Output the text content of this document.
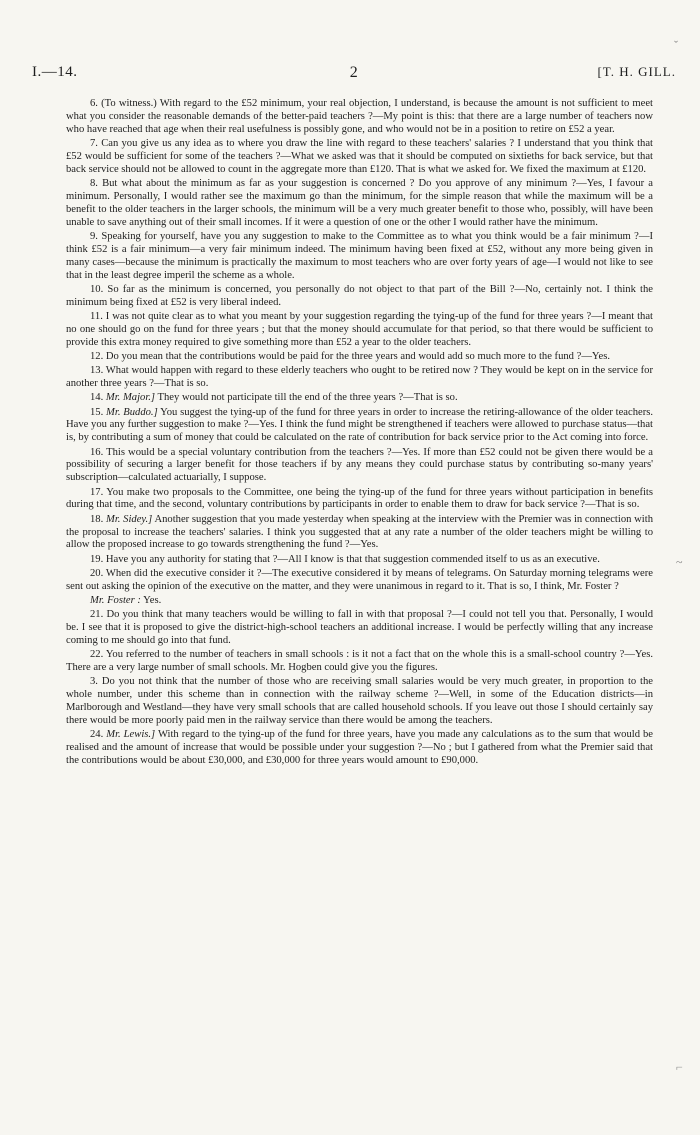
I.—14.	2	[T. H. GILL.
ˇ
~
⌐

6. (To witness.) With regard to the £52 minimum, your real objection, I understand, is because the amount is not sufficient to meet what you consider the reasonable demands of the better-paid teachers ?—My point is this: that there are a large number of teachers now who have reached that age when their real usefulness is possibly gone, and who would not be in a position to retire on £52 a year.

7. Can you give us any idea as to where you draw the line with regard to these teachers' salaries ? I understand that you think that £52 would be sufficient for some of the teachers ?—What we asked was that it should be computed on sixtieths for back service, but that back service should not be allowed to count in the aggregate more than £120. That is what we asked for. We fixed the maximum at £120.

8. But what about the minimum as far as your suggestion is concerned ? Do you approve of any minimum ?—Yes, I favour a minimum. Personally, I would rather see the maximum go than the minimum, for the simple reason that while the maximum will be a benefit to the older teachers in the larger schools, the minimum will be a very much greater benefit to those who, possibly, will have been unable to save anything out of their small incomes. If it were a question of one or the other I would rather have the minimum.

9. Speaking for yourself, have you any suggestion to make to the Committee as to what you think would be a fair minimum ?—I think £52 is a fair minimum—a very fair minimum indeed. The minimum having been fixed at £52, without any more being given in many cases—because the minimum is practically the maximum to most teachers who are over forty years of age—I would not like to see that in the least degree imperil the scheme as a whole.

10. So far as the minimum is concerned, you personally do not object to that part of the Bill ?—No, certainly not. I think the minimum being fixed at £52 is very liberal indeed.

11. I was not quite clear as to what you meant by your suggestion regarding the tying-up of the fund for three years ?—I meant that no one should go on the fund for three years ; but that the money should accumulate for that period, so that there would be sufficient to provide this extra money required to give something more than £52 a year to the older teachers.

12. Do you mean that the contributions would be paid for the three years and would add so much more to the fund ?—Yes.

13. What would happen with regard to these elderly teachers who ought to be retired now ? They would be kept on in the service for another three years ?—That is so.

14. Mr. Major.] They would not participate till the end of the three years ?—That is so.

15. Mr. Buddo.] You suggest the tying-up of the fund for three years in order to increase the retiring-allowance of the older teachers. Have you any further suggestion to make ?—Yes. I think the fund might be strengthened if teachers were allowed to purchase status—that is, by contributing a sum of money that could be calculated on the rate of contribution for back service prior to the Act coming into force.

16. This would be a special voluntary contribution from the teachers ?—Yes. If more than £52 could not be given there would be a possibility of securing a larger benefit for those teachers if by any means they could purchase status by contributing so-many years' subscription—calculated actuarially, I suppose.

17. You make two proposals to the Committee, one being the tying-up of the fund for three years without participation in benefits during that time, and the second, voluntary contributions by participants in order to enable them to draw for back service ?—That is so.

18. Mr. Sidey.] Another suggestion that you made yesterday when speaking at the interview with the Premier was in connection with the proposal to increase the teachers' salaries. I think you suggested that at any rate a number of the older teachers might be willing to allow the proposed increase to go towards strengthening the fund ?—Yes.

19. Have you any authority for stating that ?—All I know is that that suggestion commended itself to us as an executive.

20. When did the executive consider it ?—The executive considered it by means of telegrams. On Saturday morning telegrams were sent out asking the opinion of the executive on the matter, and they were unanimous in regard to it. That is so, I think, Mr. Foster ?

Mr. Foster : Yes.

21. Do you think that many teachers would be willing to fall in with that proposal ?—I could not tell you that. Personally, I would be. I see that it is proposed to give the district-high-school teachers an additional increase. I would be perfectly willing that any increase coming to me should go into that fund.

22. You referred to the number of teachers in small schools : is it not a fact that on the whole this is a small-school country ?—Yes. There are a very large number of small schools. Mr. Hogben could give you the figures.

3. Do you not think that the number of those who are receiving small salaries would be very much greater, in proportion to the whole number, under this scheme than in connection with the railway scheme ?—Well, in some of the Education districts—in Marlborough and Westland—they have very small schools that are called household schools. If you leave out those I should certainly say there would be more poorly paid men in the railway service than there would be among the teachers.

24. Mr. Lewis.] With regard to the tying-up of the fund for three years, have you made any calculations as to the sum that would be realised and the amount of increase that would be possible under your suggestion ?—No ; but I gathered from what the Premier said that the contributions would be about £30,000, and £30,000 for three years would amount to £90,000.
